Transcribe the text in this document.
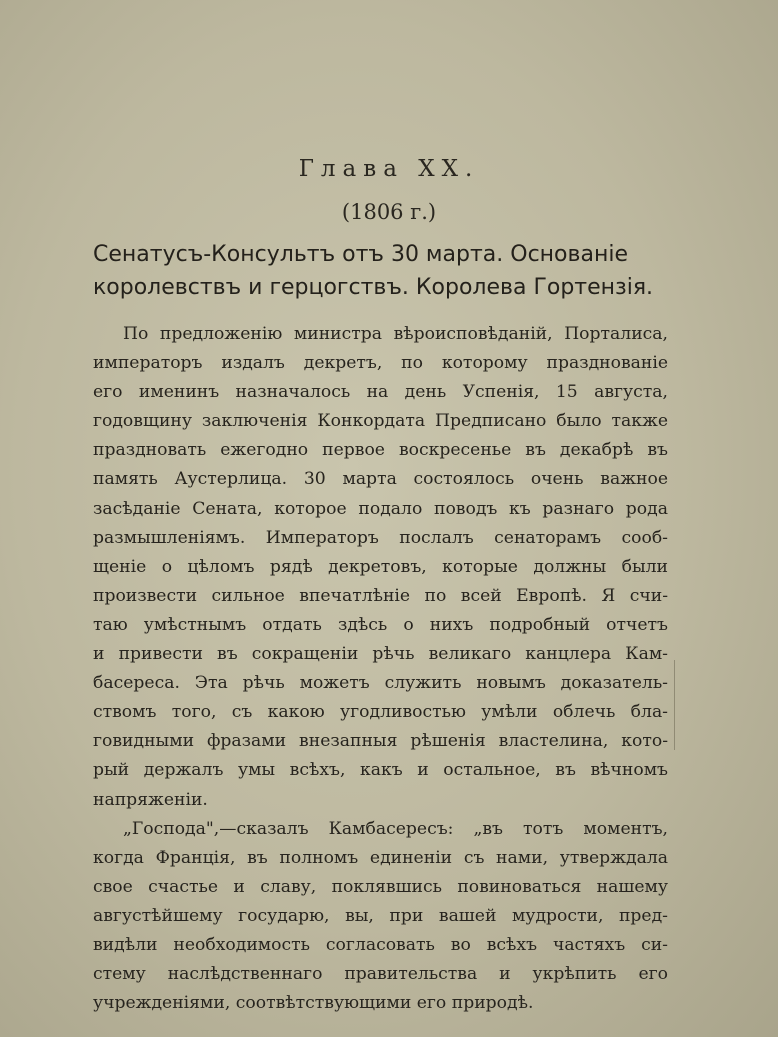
Глава XX.
(1806 г.)
Сенатусъ-Консультъ отъ 30 марта. Основаніе
королевствъ и герцогствъ. Королева Гортензія.
По предложенію министра вѣроисповѣданій, Порталиса,
императоръ издалъ декретъ, по которому празднованіе
его именинъ назначалось на день Успенія, 15 августа,
годовщину заключенія Конкордата Предписано было также
праздновать ежегодно первое воскресенье въ декабрѣ въ
память Аустерлица. 30 марта состоялось очень важное
засѣданіе Сената, которое подало поводъ къ разнаго рода
размышленіямъ. Императоръ послалъ сенаторамъ сооб-
щеніе о цѣломъ рядѣ декретовъ, которые должны были
произвести сильное впечатлѣніе по всей Европѣ. Я счи-
таю умѣстнымъ отдать здѣсь о нихъ подробный отчетъ
и привести въ сокращеніи рѣчь великаго канцлера Кам-
басереса. Эта рѣчь можетъ служить новымъ доказатель-
ствомъ того, съ какою угодливостью умѣли облечь бла-
говидными фразами внезапныя рѣшенія властелина, кото-
рый держалъ умы всѣхъ, какъ и остальное, въ вѣчномъ
напряженіи.
„Господа",—сказалъ Камбасересъ: „въ тотъ моментъ,
когда Франція, въ полномъ единеніи съ нами, утверждала
свое счастье и славу, поклявшись повиноваться нашему
августѣйшему государю, вы, при вашей мудрости, пред-
видѣли необходимость согласовать во всѣхъ частяхъ си-
стему наслѣдственнаго правительства и укрѣпить его
учрежденіями, соотвѣтствующими его природѣ.
